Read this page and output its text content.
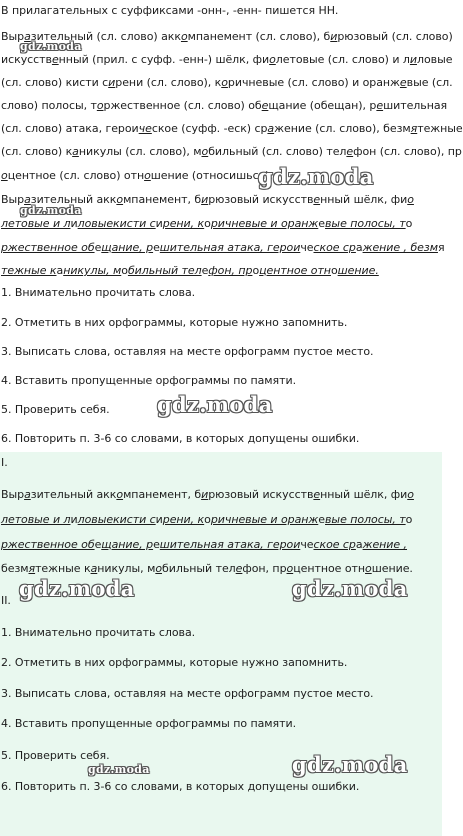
В прилагательных с суффиксами -онн-, -енн- пишется НН.
Выразительный (сл. слово) аккомпанемент (сл. слово), бирюзовый (сл. слово)
искусственный (прил. с суфф. -енн-) шёлк, фиолетовые (сл. слово) и лиловые
(сл. слово) кисти сирени (сл. слово), коричневые (сл. слово) и оранжевые (сл.
слово) полосы, торжественное (сл. слово) обещание (обещан), решительная
(сл. слово) атака, героическое (суфф. -еск) сражение (сл. слово), безмятежные
(сл. слово) каникулы (сл. слово), мобильный (сл. слово) телефон (сл. слово), пр
оцентное (сл. слово) отношение (относишься).
Выразительный аккомпанемент, бирюзовый искусственный шёлк, фио
летовые и лиловыекисти сирени, коричневые и оранжевые полосы, то
ржественное обещание, решительная атака, героическое сражение , безмя
тежные каникулы, мобильный телефон, процентное отношение.
1. Внимательно прочитать слова.
2. Отметить в них орфограммы, которые нужно запомнить.
3. Выписать слова, оставляя на месте орфограмм пустое место.
4. Вставить пропущенные орфограммы по памяти.
5. Проверить себя.
6. Повторить п. 3-6 со словами, в которых допущены ошибки.
I.
Выразительный аккомпанемент, бирюзовый искусственный шёлк, фио
летовые и лиловыекисти сирени, коричневые и оранжевые полосы, то
ржественное обещание, решительная атака, героическое сражение ,
безмятежные каникулы, мобильный телефон, процентное отношение.
II.
1. Внимательно прочитать слова.
2. Отметить в них орфограммы, которые нужно запомнить.
3. Выписать слова, оставляя на месте орфограмм пустое место.
4. Вставить пропущенные орфограммы по памяти.
5. Проверить себя.
6. Повторить п. 3-6 со словами, в которых допущены ошибки.
gdz.moda
gdz.moda
gdz.moda
gdz.moda
gdz.moda	gdz.moda
gdz.moda	gdz.moda
